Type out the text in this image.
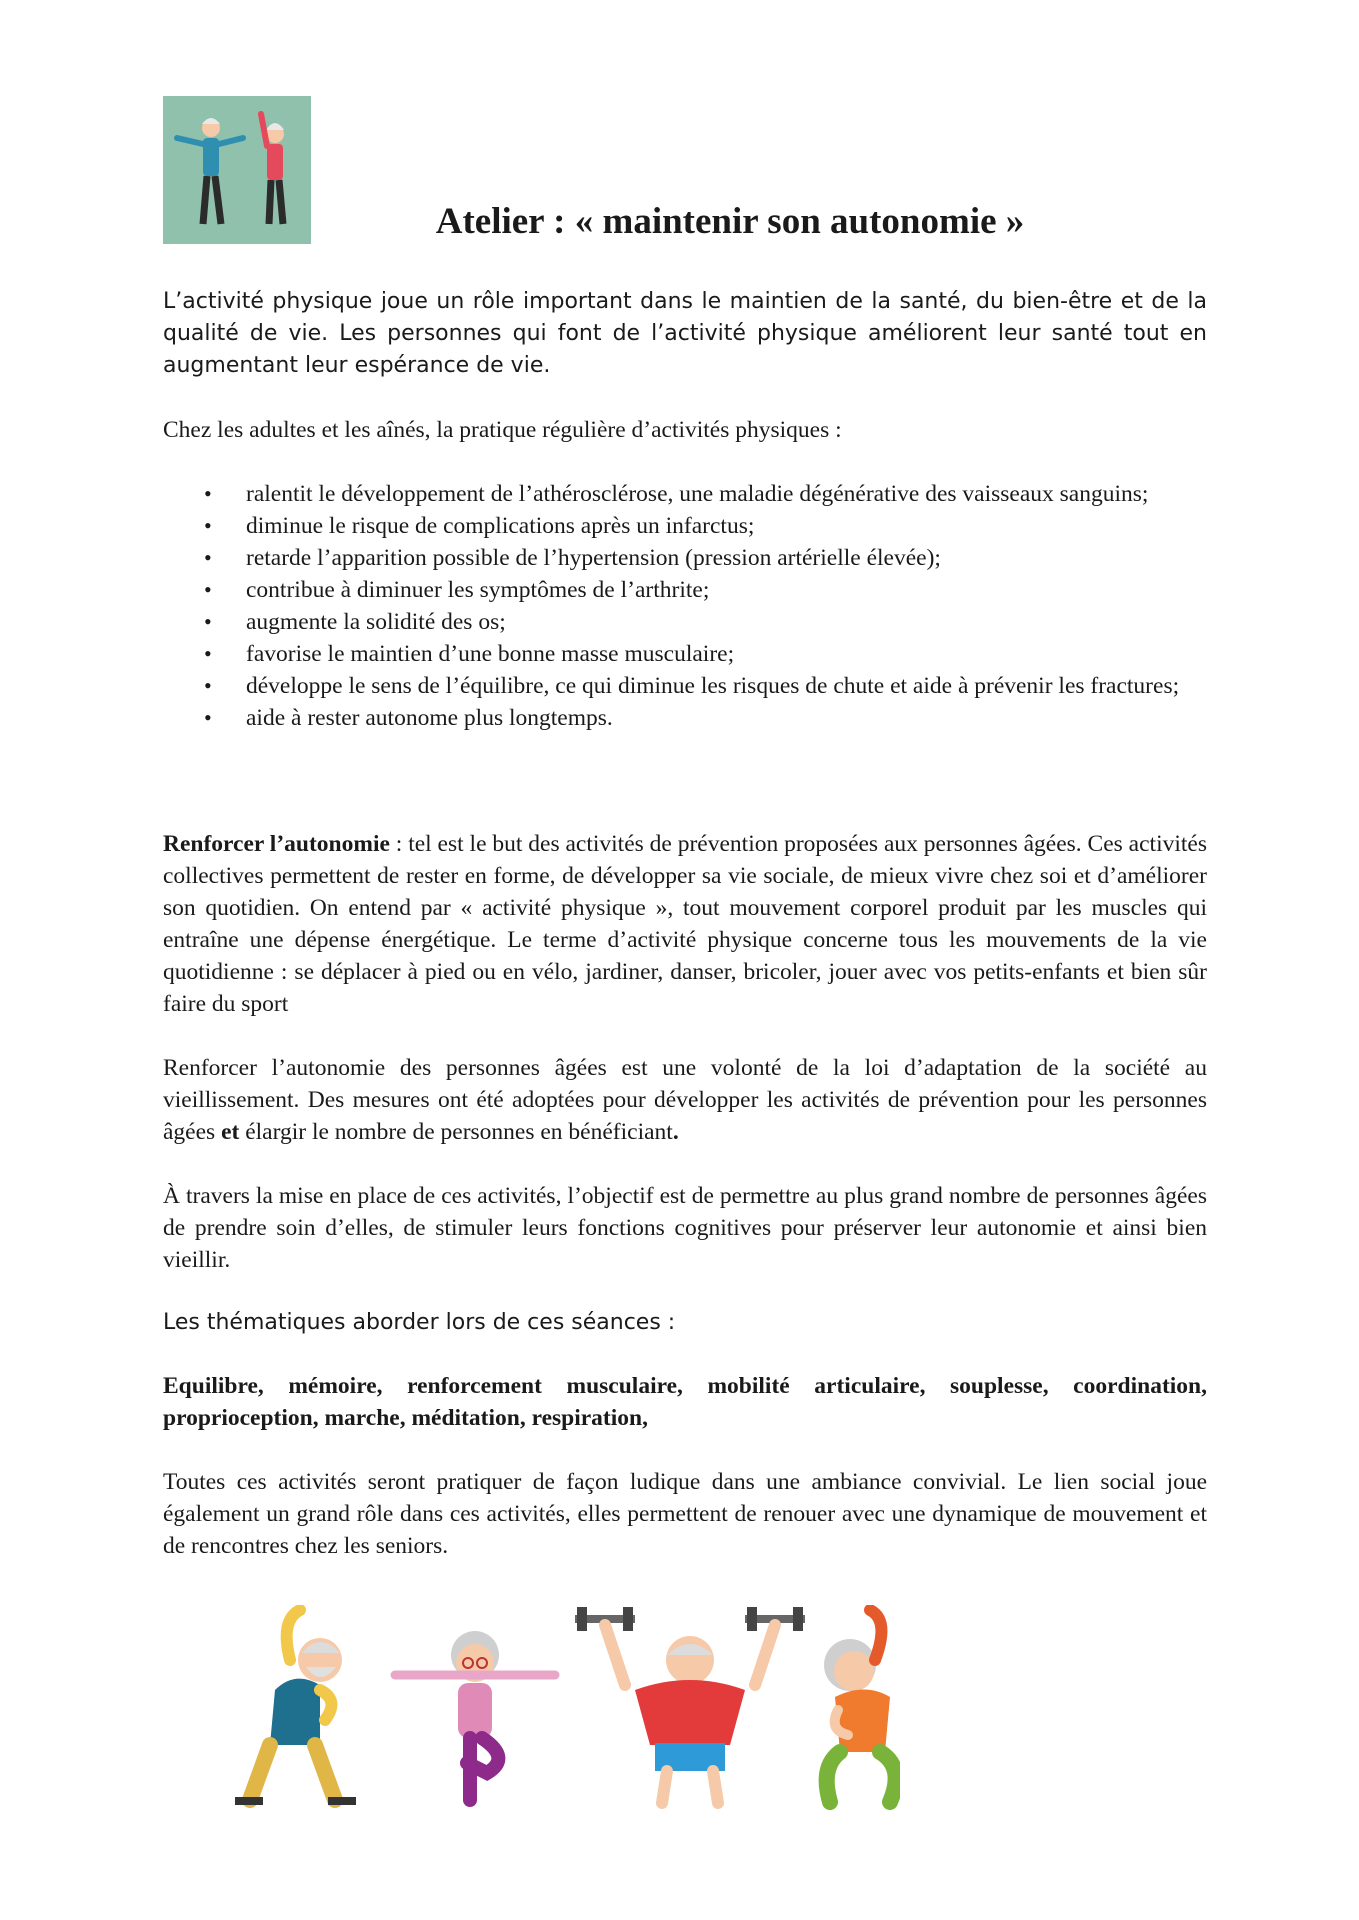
Atelier : « maintenir son autonomie »

L’activité physique joue un rôle important dans le maintien de la santé, du bien-être et de la qualité de vie. Les personnes qui font de l’activité physique améliorent leur santé tout en augmentant leur espérance de vie.

Chez les adultes et les aînés, la pratique régulière d’activités physiques :

• ralentit le développement de l’athérosclérose, une maladie dégénérative des vaisseaux sanguins;
• diminue le risque de complications après un infarctus;
• retarde l’apparition possible de l’hypertension (pression artérielle élevée);
• contribue à diminuer les symptômes de l’arthrite;
• augmente la solidité des os;
• favorise le maintien d’une bonne masse musculaire;
• développe le sens de l’équilibre, ce qui diminue les risques de chute et aide à prévenir les fractures;
• aide à rester autonome plus longtemps.

Renforcer l’autonomie : tel est le but des activités de prévention proposées aux personnes âgées. Ces activités collectives permettent de rester en forme, de développer sa vie sociale, de mieux vivre chez soi et d’améliorer son quotidien. On entend par « activité physique », tout mouvement corporel produit par les muscles qui entraîne une dépense énergétique. Le terme d’activité physique concerne tous les mouvements de la vie quotidienne : se déplacer à pied ou en vélo, jardiner, danser, bricoler, jouer avec vos petits-enfants et bien sûr faire du sport

Renforcer l’autonomie des personnes âgées est une volonté de la loi d’adaptation de la société au vieillissement. Des mesures ont été adoptées pour développer les activités de prévention pour les personnes âgées et élargir le nombre de personnes en bénéficiant.

À travers la mise en place de ces activités, l’objectif est de permettre au plus grand nombre de personnes âgées de prendre soin d’elles, de stimuler leurs fonctions cognitives pour préserver leur autonomie et ainsi bien vieillir.

Les thématiques aborder lors de ces séances :

Equilibre, mémoire, renforcement musculaire, mobilité articulaire, souplesse, coordination, proprioception, marche, méditation, respiration,

Toutes ces activités seront pratiquer de façon ludique dans une ambiance convivial. Le lien social joue également un grand rôle dans ces activités, elles permettent de renouer avec une dynamique de mouvement et de rencontres chez les seniors.
